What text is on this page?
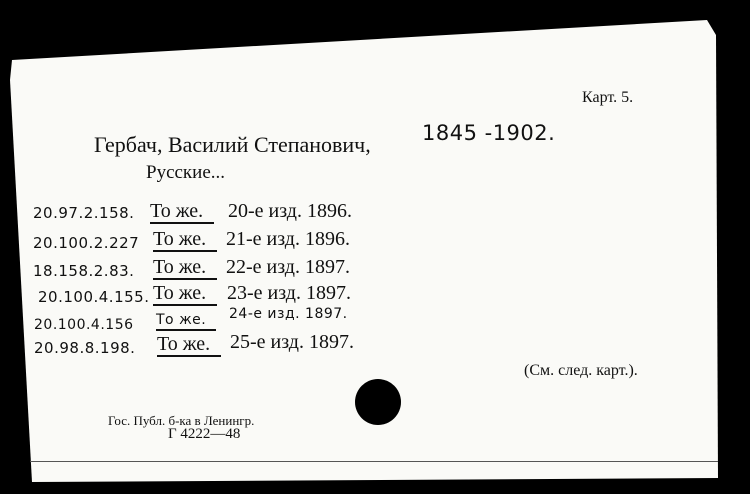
Карт. 5.
Гербач, Василий Степанович, 1845 -1902.
Русские...
20.97.2.158. То же. 20-е изд. 1896.
20.100.2.227 То же. 21-е изд. 1896.
18.158.2.83. То же. 22-е изд. 1897.
20.100.4.155. То же. 23-е изд. 1897.
20.100.4.156 То же. 24-е изд. 1897.
20.98.8.198. То же. 25-е изд. 1897.
(См. след. карт.).
Гос. Публ. б-ка в Ленингр.
Г 4222—48
